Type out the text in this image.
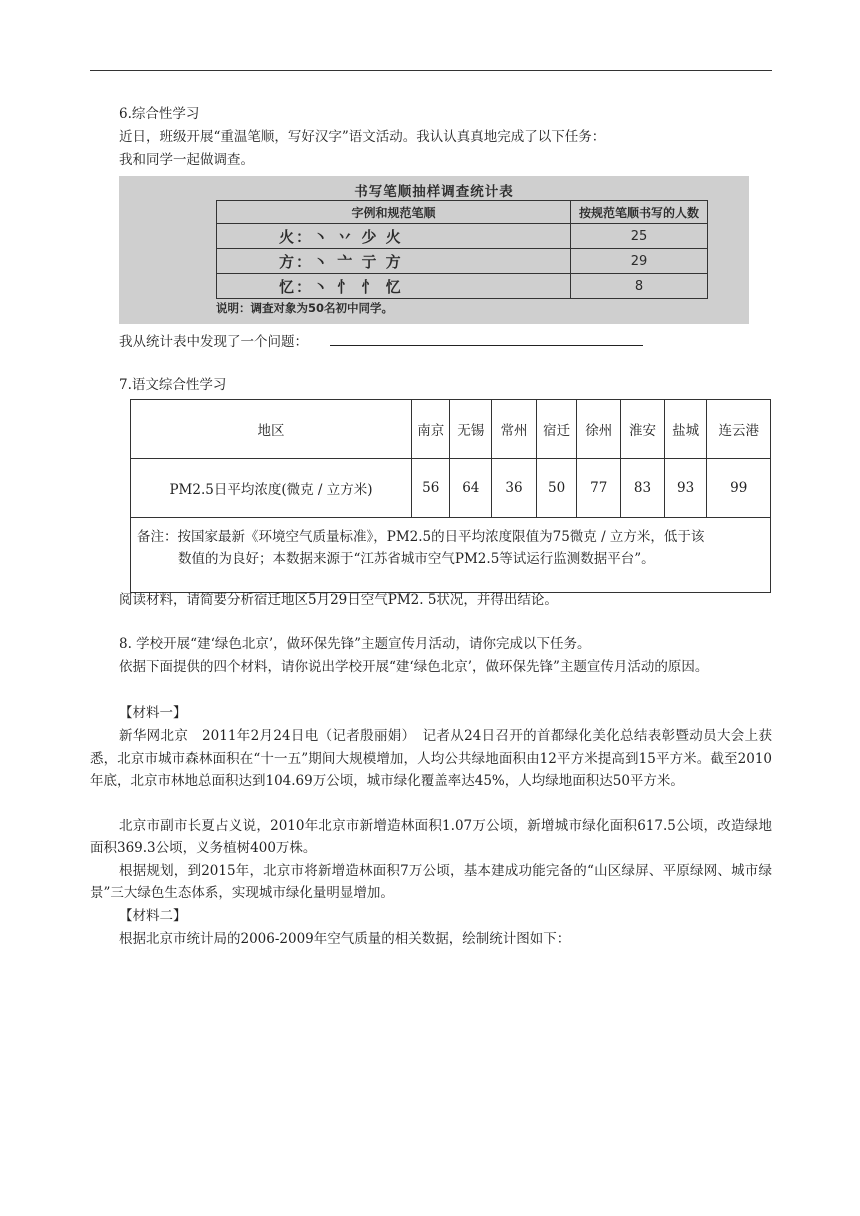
6.综合性学习
近日，班级开展“重温笔顺，写好汉字”语文活动。我认认真真地完成了以下任务：
我和同学一起做调查。
书写笔顺抽样调查统计表
字例和规范笔顺	按规范笔顺书写的人数
火：丶 丷 少 火	25
方：丶 亠 亍 方	29
忆：丶 忄 忄 忆	8
说明：调查对象为50名初中同学。
我从统计表中发现了一个问题：
7.语文综合性学习
地区	南京	无锡	常州	宿迁	徐州	淮安	盐城	连云港
PM2.5日平均浓度(微克 / 立方米)	56	64	36	50	77	83	93	99
备注：按国家最新《环境空气质量标准》，PM2.5的日平均浓度限值为75微克 / 立方米，低于该
数值的为良好；本数据来源于“江苏省城市空气PM2.5等试运行监测数据平台”。								
阅读材料，请简要分析宿迁地区5月29日空气PM2. 5状况，并得出结论。
8. 学校开展“建‘绿色北京’，做环保先锋”主题宣传月活动，请你完成以下任务。
依据下面提供的四个材料，请你说出学校开展“建‘绿色北京’，做环保先锋”主题宣传月活动的原因。
【材料一】
新华网北京　2011年2月24日电（记者殷丽娟）　记者从24日召开的首都绿化美化总结表彰暨动员大会上获悉，北京市城市森林面积在“十一五”期间大规模增加，人均公共绿地面积由12平方米提高到15平方米。截至2010年底，北京市林地总面积达到104.69万公顷，城市绿化覆盖率达45%，人均绿地面积达50平方米。
北京市副市长夏占义说，2010年北京市新增造林面积1.07万公顷，新增城市绿化面积617.5公顷，改造绿地面积369.3公顷，义务植树400万株。
根据规划，到2015年，北京市将新增造林面积7万公顷，基本建成功能完备的“山区绿屏、平原绿网、城市绿景”三大绿色生态体系，实现城市绿化量明显增加。
【材料二】
根据北京市统计局的2006-2009年空气质量的相关数据，绘制统计图如下：
